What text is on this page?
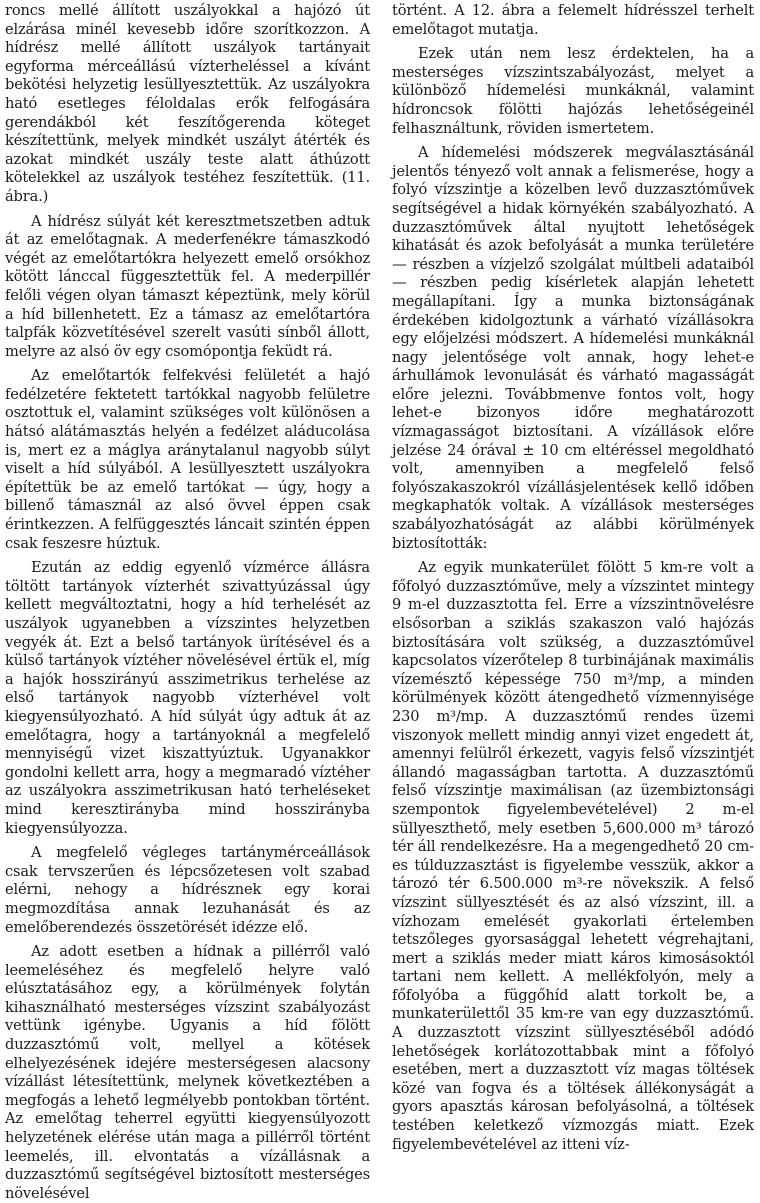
roncs mellé állított uszályokkal a hajózó út elzárása minél kevesebb időre szorítkozzon. A hídrész mellé állított uszályok tartányait egyforma mérceállású vízterheléssel a kívánt bekötési helyzetig lesüllyesztettük. Az uszályokra ható esetleges féloldalas erők felfogására gerendákból két feszítőgerenda köteget készítettünk, melyek mindkét uszályt átérték és azokat mindkét uszály teste alatt áthúzott kötelekkel az uszályok testéhez feszítettük. (11. ábra.)

A hídrész súlyát két keresztmetszetben adtuk át az emelőtagnak. A mederfenékre támaszkodó végét az emelőtartókra helyezett emelő orsókhoz kötött lánccal függesztettük fel. A mederpillér felőli végen olyan támaszt képeztünk, mely körül a híd billenhetett. Ez a támasz az emelőtartóra talpfák közvetítésével szerelt vasúti sínből állott, melyre az alsó öv egy csomópontja feküdt rá.

Az emelőtartók felfekvési felületét a hajó fedélzetére fektetett tartókkal nagyobb felületre osztottuk el, valamint szükséges volt különösen a hátsó alátámasztás helyén a fedélzet aláducolása is, mert ez a máglya aránytalanul nagyobb súlyt viselt a híd súlyából. A lesüllyesztett uszályokra építettük be az emelő tartókat — úgy, hogy a billenő támasznál az alsó övvel éppen csak érintkezzen. A felfüggesztés láncait szintén éppen csak feszesre húztuk.

Ezután az eddig egyenlő vízmérce állásra töltött tartányok vízterhét szivattyúzással úgy kellett megváltoztatni, hogy a híd terhelését az uszályok ugyanebben a vízszintes helyzetben vegyék át. Ezt a belső tartányok ürítésével és a külső tartányok víztéher növelésével értük el, míg a hajók hosszirányú asszimetrikus terhelése az első tartányok nagyobb vízterhével volt kiegyensúlyozható. A híd súlyát úgy adtuk át az emelőtagra, hogy a tartányoknál a megfelelő mennyiségű vizet kiszattyúztuk. Ugyanakkor gondolni kellett arra, hogy a megmaradó víztéher az uszályokra asszimetrikusan ható terheléseket mind keresztirányba mind hosszirányba kiegyensúlyozza.

A megfelelő végleges tartánymérceállások csak tervszerűen és lépcsőzetesen volt szabad elérni, nehogy a hídrésznek egy korai megmozdítása annak lezuhanását és az emelőberendezés összetörését idézze elő.

Az adott esetben a hídnak a pillérről való leemeléséhez és megfelelő helyre való elúsztatásához egy, a körülmények folytán kihasználható mesterséges vízszint szabályozást vettünk igénybe. Ugyanis a híd fölött duzzasztómű volt, mellyel a kötések elhelyezésének idejére mesterségesen alacsony vízállást létesítettünk, melynek következtében a megfogás a lehető legmélyebb pontokban történt. Az emelőtag teherrel együtti kiegyensúlyozott helyzetének elérése után maga a pillérről történt leemelés, ill. elvontatás a vízállásnak a duzzasztómű segítségével biztosított mesterséges növelésével

történt. A 12. ábra a felemelt hídrésszel terhelt emelőtagot mutatja.

Ezek után nem lesz érdektelen, ha a mesterséges vízszintszabályozást, melyet a különböző hídemelési munkáknál, valamint hídroncsok fölötti hajózás lehetőségeinél felhasználtunk, röviden ismertetem.

A hídemelési módszerek megválasztásánál jelentős tényező volt annak a felismerése, hogy a folyó vízszintje a közelben levő duzzasztóművek segítségével a hidak környékén szabályozható. A duzzasztóművek által nyujtott lehetőségek kihatását és azok befolyását a munka területére — részben a vízjelző szolgálat múltbeli adataiból — részben pedig kísérletek alapján lehetett megállapítani. Így a munka biztonságának érdekében kidolgoztunk a várható vízállásokra egy előjelzési módszert. A hídemelési munkáknál nagy jelentősége volt annak, hogy lehet-e árhullámok levonulását és várható magasságát előre jelezni. Továbbmenve fontos volt, hogy lehet-e bizonyos időre meghatározott vízmagasságot biztosítani. A vízállások előre jelzése 24 órával ± 10 cm eltéréssel megoldható volt, amennyiben a megfelelő felső folyószakaszokról vízállásjelentések kellő időben megkaphatók voltak. A vízállások mesterséges szabályozhatóságát az alábbi körülmények biztosították:

Az egyik munkaterület fölött 5 km-re volt a főfolyó duzzasztóműve, mely a vízszintet mintegy 9 m-el duzzasztotta fel. Erre a vízszintnövelésre elsősorban a sziklás szakaszon való hajózás biztosítására volt szükség, a duzzasztóművel kapcsolatos vízerőtelep 8 turbinájának maximális vízemésztő képessége 750 m³/mp, a minden körülmények között átengedhető vízmennyisége 230 m³/mp. A duzzasztómű rendes üzemi viszonyok mellett mindig annyi vizet engedett át, amennyi felülről érkezett, vagyis felső vízszintjét állandó magasságban tartotta. A duzzasztómű felső vízszintje maximálisan (az üzembiztonsági szempontok figyelembevételével) 2 m-el süllyeszthető, mely esetben 5,600.000 m³ tározó tér áll rendelkezésre. Ha a megengedhető 20 cm-es túlduzzasztást is figyelembe vesszük, akkor a tározó tér 6.500.000 m³-re növekszik. A felső vízszint süllyesztését és az alsó vízszint, ill. a vízhozam emelését gyakorlati értelemben tetszőleges gyorsasággal lehetett végrehajtani, mert a sziklás meder miatt káros kimosásoktól tartani nem kellett. A mellékfolyón, mely a főfolyóba a függőhíd alatt torkolt be, a munkaterülettől 35 km-re van egy duzzasztómű. A duzzasztott vízszint süllyesztéséből adódó lehetőségek korlátozottabbak mint a főfolyó esetében, mert a duzzasztott víz magas töltések közé van fogva és a töltések állékonyságát a gyors apasztás károsan befolyásolná, a töltések testében keletkező vízmozgás miatt. Ezek figyelembevételével az itteni víz-
